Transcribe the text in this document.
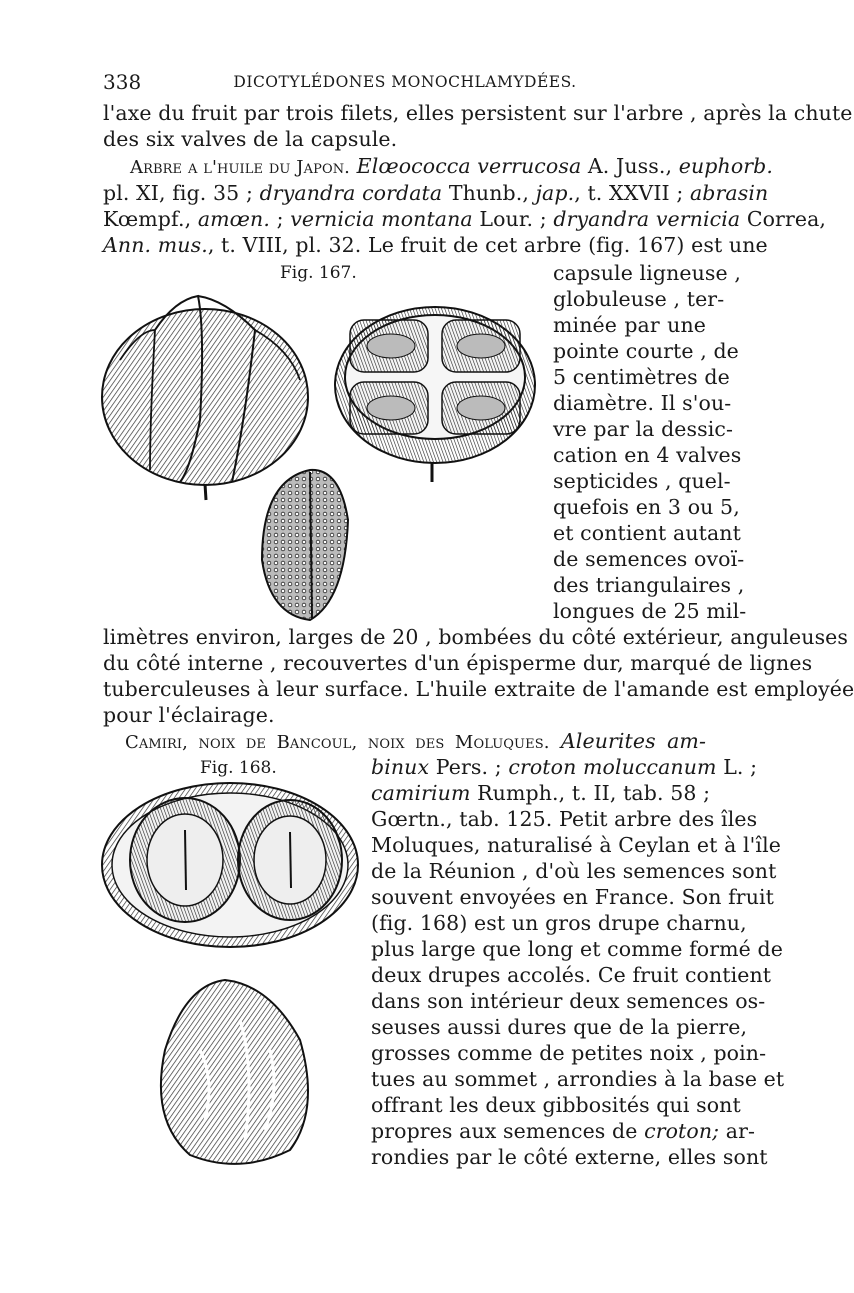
338	DICOTYLÉDONES MONOCHLAMYDÉES.
l'axe du fruit par trois filets, elles persistent sur l'arbre , après la chute
des six valves de la capsule.
Arbre a l'huile du Japon. Elœococca verrucosa A. Juss., euphorb.
pl. XI, fig. 35 ; dryandra cordata Thunb., jap., t. XXVII ; abrasin
Kœmpf., amœn. ; vernicia montana Lour. ; dryandra vernicia Correa,
Ann. mus., t. VIII, pl. 32. Le fruit de cet arbre (fig. 167) est une
Fig. 167.	capsule ligneuse ,
globuleuse , ter-
minée par une
pointe courte , de
5 centimètres de
diamètre. Il s'ou-
vre par la dessic-
cation en 4 valves
septicides , quel-
quefois en 3 ou 5,
et contient autant
de semences ovoï-
des triangulaires ,
longues de 25 mil-
limètres environ, larges de 20 , bombées du côté extérieur, anguleuses
du côté interne , recouvertes d'un épisperme dur, marqué de lignes
tuberculeuses à leur surface. L'huile extraite de l'amande est employée
pour l'éclairage.
Camiri, noix de Bancoul, noix des Moluques. Aleurites am-
Fig. 168.	binux Pers. ; croton moluccanum L. ;
camirium Rumph., t. II, tab. 58 ;
Gœrtn., tab. 125. Petit arbre des îles
Moluques, naturalisé à Ceylan et à l'île
de la Réunion , d'où les semences sont
souvent envoyées en France. Son fruit
(fig. 168) est un gros drupe charnu,
plus large que long et comme formé de
deux drupes accolés. Ce fruit contient
dans son intérieur deux semences os-
seuses aussi dures que de la pierre,
grosses comme de petites noix , poin-
tues au sommet , arrondies à la base et
offrant les deux gibbosités qui sont
propres aux semences de croton; ar-
rondies par le côté externe, elles sont
